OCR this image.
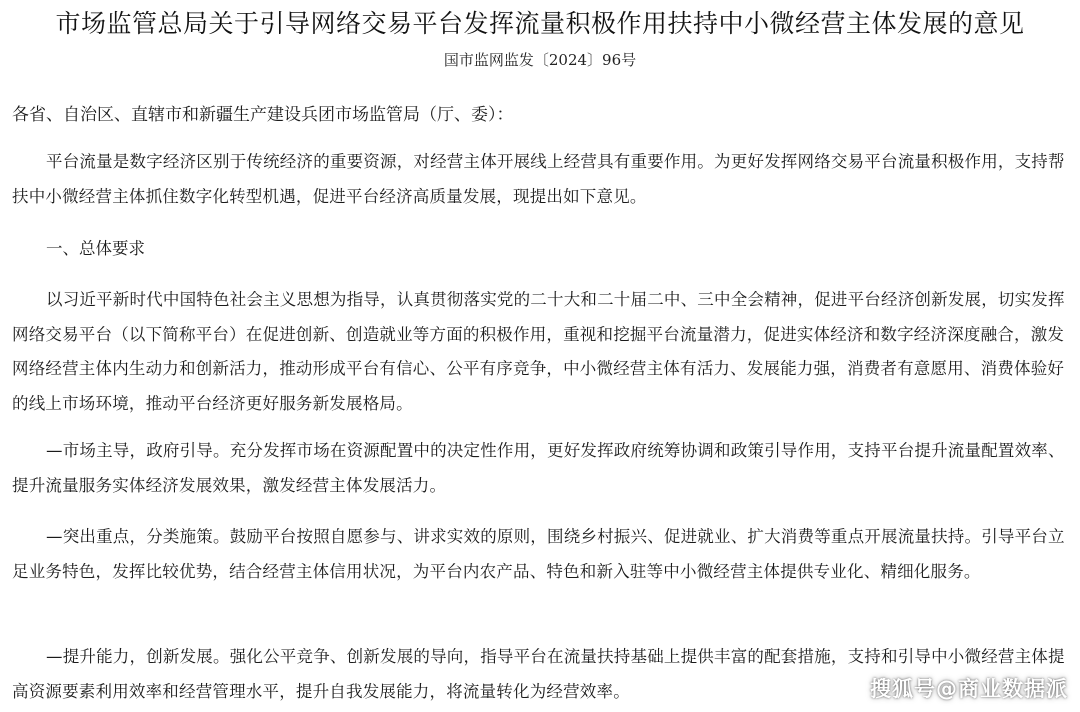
市场监管总局关于引导网络交易平台发挥流量积极作用扶持中小微经营主体发展的意见
国市监网监发〔2024〕96号
各省、自治区、直辖市和新疆生产建设兵团市场监管局（厅、委）：
平台流量是数字经济区别于传统经济的重要资源，对经营主体开展线上经营具有重要作用。为更好发挥网络交易平台流量积极作用，支持帮扶中小微经营主体抓住数字化转型机遇，促进平台经济高质量发展，现提出如下意见。
一、总体要求
以习近平新时代中国特色社会主义思想为指导，认真贯彻落实党的二十大和二十届二中、三中全会精神，促进平台经济创新发展，切实发挥网络交易平台（以下简称平台）在促进创新、创造就业等方面的积极作用，重视和挖掘平台流量潜力，促进实体经济和数字经济深度融合，激发网络经营主体内生动力和创新活力，推动形成平台有信心、公平有序竞争，中小微经营主体有活力、发展能力强，消费者有意愿用、消费体验好的线上市场环境，推动平台经济更好服务新发展格局。
—市场主导，政府引导。充分发挥市场在资源配置中的决定性作用，更好发挥政府统筹协调和政策引导作用，支持平台提升流量配置效率、提升流量服务实体经济发展效果，激发经营主体发展活力。
—突出重点，分类施策。鼓励平台按照自愿参与、讲求实效的原则，围绕乡村振兴、促进就业、扩大消费等重点开展流量扶持。引导平台立足业务特色，发挥比较优势，结合经营主体信用状况，为平台内农产品、特色和新入驻等中小微经营主体提供专业化、精细化服务。
—提升能力，创新发展。强化公平竞争、创新发展的导向，指导平台在流量扶持基础上提供丰富的配套措施，支持和引导中小微经营主体提高资源要素利用效率和经营管理水平，提升自我发展能力，将流量转化为经营效率。	搜狐号@商业数据派
